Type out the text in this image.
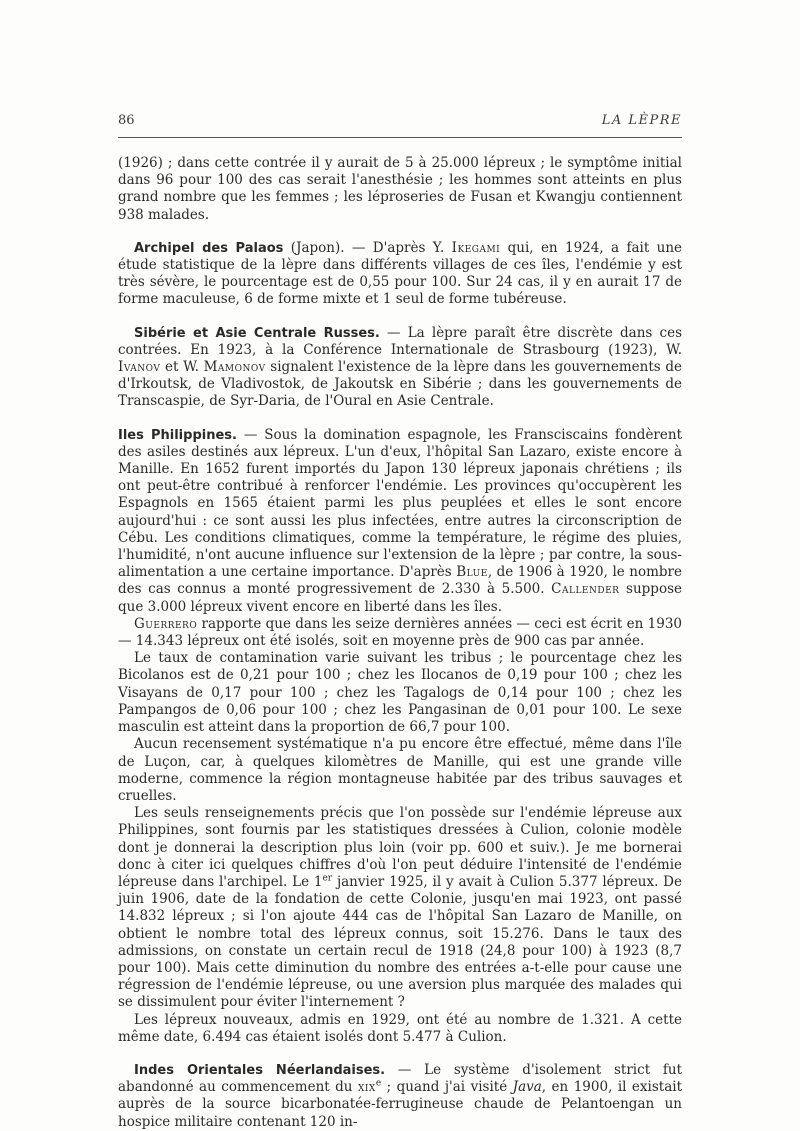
86	LA LÈPRE

(1926) ; dans cette contrée il y aurait de 5 à 25.000 lépreux ; le symptôme initial dans 96 pour 100 des cas serait l'anesthésie ; les hommes sont atteints en plus grand nombre que les femmes ; les léproseries de Fusan et Kwangju contiennent 938 malades.

Archipel des Palaos (Japon). — D'après Y. Ikegami qui, en 1924, a fait une étude statistique de la lèpre dans différents villages de ces îles, l'endémie y est très sévère, le pourcentage est de 0,55 pour 100. Sur 24 cas, il y en aurait 17 de forme maculeuse, 6 de forme mixte et 1 seul de forme tubéreuse.

Sibérie et Asie Centrale Russes. — La lèpre paraît être discrète dans ces contrées. En 1923, à la Conférence Internationale de Strasbourg (1923), W. Ivanov et W. Mamonov signalent l'existence de la lèpre dans les gouvernements de d'Irkoutsk, de Vladivostok, de Jakoutsk en Sibérie ; dans les gouvernements de Transcaspie, de Syr-Daria, de l'Oural en Asie Centrale.

Iles Philippines. — Sous la domination espagnole, les Fransciscains fondèrent des asiles destinés aux lépreux. L'un d'eux, l'hôpital San Lazaro, existe encore à Manille. En 1652 furent importés du Japon 130 lépreux japonais chrétiens ; ils ont peut-être contribué à renforcer l'endémie. Les provinces qu'occupèrent les Espagnols en 1565 étaient parmi les plus peuplées et elles le sont encore aujourd'hui : ce sont aussi les plus infectées, entre autres la circonscription de Cébu. Les conditions climatiques, comme la température, le régime des pluies, l'humidité, n'ont aucune influence sur l'extension de la lèpre ; par contre, la sous-alimentation a une certaine importance. D'après Blue, de 1906 à 1920, le nombre des cas connus a monté progressivement de 2.330 à 5.500. Callender suppose que 3.000 lépreux vivent encore en liberté dans les îles.

Guerrero rapporte que dans les seize dernières années — ceci est écrit en 1930 — 14.343 lépreux ont été isolés, soit en moyenne près de 900 cas par année.

Le taux de contamination varie suivant les tribus ; le pourcentage chez les Bicolanos est de 0,21 pour 100 ; chez les Ilocanos de 0,19 pour 100 ; chez les Visayans de 0,17 pour 100 ; chez les Tagalogs de 0,14 pour 100 ; chez les Pampangos de 0,06 pour 100 ; chez les Pangasinan de 0,01 pour 100. Le sexe masculin est atteint dans la proportion de 66,7 pour 100.

Aucun recensement systématique n'a pu encore être effectué, même dans l'île de Luçon, car, à quelques kilomètres de Manille, qui est une grande ville moderne, commence la région montagneuse habitée par des tribus sauvages et cruelles.

Les seuls renseignements précis que l'on possède sur l'endémie lépreuse aux Philippines, sont fournis par les statistiques dressées à Culion, colonie modèle dont je donnerai la description plus loin (voir pp. 600 et suiv.). Je me bornerai donc à citer ici quelques chiffres d'où l'on peut déduire l'intensité de l'endémie lépreuse dans l'archipel. Le 1er janvier 1925, il y avait à Culion 5.377 lépreux. De juin 1906, date de la fondation de cette Colonie, jusqu'en mai 1923, ont passé 14.832 lépreux ; si l'on ajoute 444 cas de l'hôpital San Lazaro de Manille, on obtient le nombre total des lépreux connus, soit 15.276. Dans le taux des admissions, on constate un certain recul de 1918 (24,8 pour 100) à 1923 (8,7 pour 100). Mais cette diminution du nombre des entrées a-t-elle pour cause une régression de l'endémie lépreuse, ou une aversion plus marquée des malades qui se dissimulent pour éviter l'internement ?

Les lépreux nouveaux, admis en 1929, ont été au nombre de 1.321. A cette même date, 6.494 cas étaient isolés dont 5.477 à Culion.

Indes Orientales Néerlandaises. — Le système d'isolement strict fut abandonné au commencement du xix$^e$ ; quand j'ai visité Java, en 1900, il existait auprès de la source bicarbonatée-ferrugineuse chaude de Pelantoengan un hospice militaire contenant 120 in-
